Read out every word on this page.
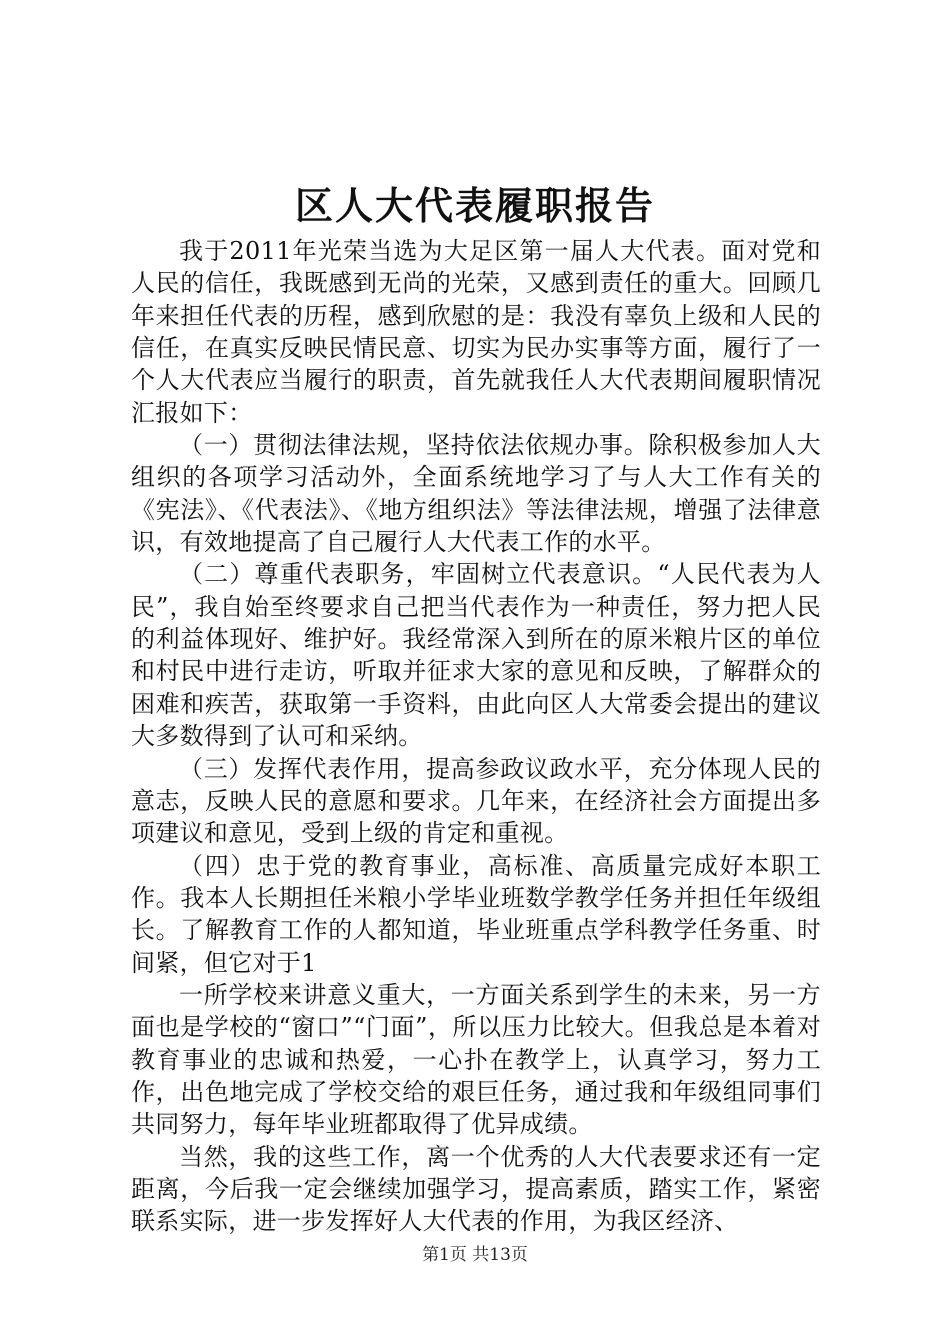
区人大代表履职报告

我于2011年光荣当选为大足区第一届人大代表。面对党和人民的信任，我既感到无尚的光荣，又感到责任的重大。回顾几年来担任代表的历程，感到欣慰的是：我没有辜负上级和人民的信任，在真实反映民情民意、切实为民办实事等方面，履行了一个人大代表应当履行的职责，首先就我任人大代表期间履职情况汇报如下：

（一）贯彻法律法规，坚持依法依规办事。除积极参加人大组织的各项学习活动外，全面系统地学习了与人大工作有关的《宪法》、《代表法》、《地方组织法》等法律法规，增强了法律意识，有效地提高了自己履行人大代表工作的水平。

（二）尊重代表职务，牢固树立代表意识。“人民代表为人民”，我自始至终要求自己把当代表作为一种责任，努力把人民的利益体现好、维护好。我经常深入到所在的原米粮片区的单位和村民中进行走访，听取并征求大家的意见和反映，了解群众的困难和疾苦，获取第一手资料，由此向区人大常委会提出的建议大多数得到了认可和采纳。

（三）发挥代表作用，提高参政议政水平，充分体现人民的意志，反映人民的意愿和要求。几年来，在经济社会方面提出多项建议和意见，受到上级的肯定和重视。

（四）忠于党的教育事业，高标准、高质量完成好本职工作。我本人长期担任米粮小学毕业班数学教学任务并担任年级组长。了解教育工作的人都知道，毕业班重点学科教学任务重、时间紧，但它对于1

一所学校来讲意义重大，一方面关系到学生的未来，另一方面也是学校的“窗口”“门面”，所以压力比较大。但我总是本着对教育事业的忠诚和热爱，一心扑在教学上，认真学习，努力工作，出色地完成了学校交给的艰巨任务，通过我和年级组同事们共同努力，每年毕业班都取得了优异成绩。

当然，我的这些工作，离一个优秀的人大代表要求还有一定距离，今后我一定会继续加强学习，提高素质，踏实工作，紧密联系实际，进一步发挥好人大代表的作用，为我区经济、

第1页 共13页
